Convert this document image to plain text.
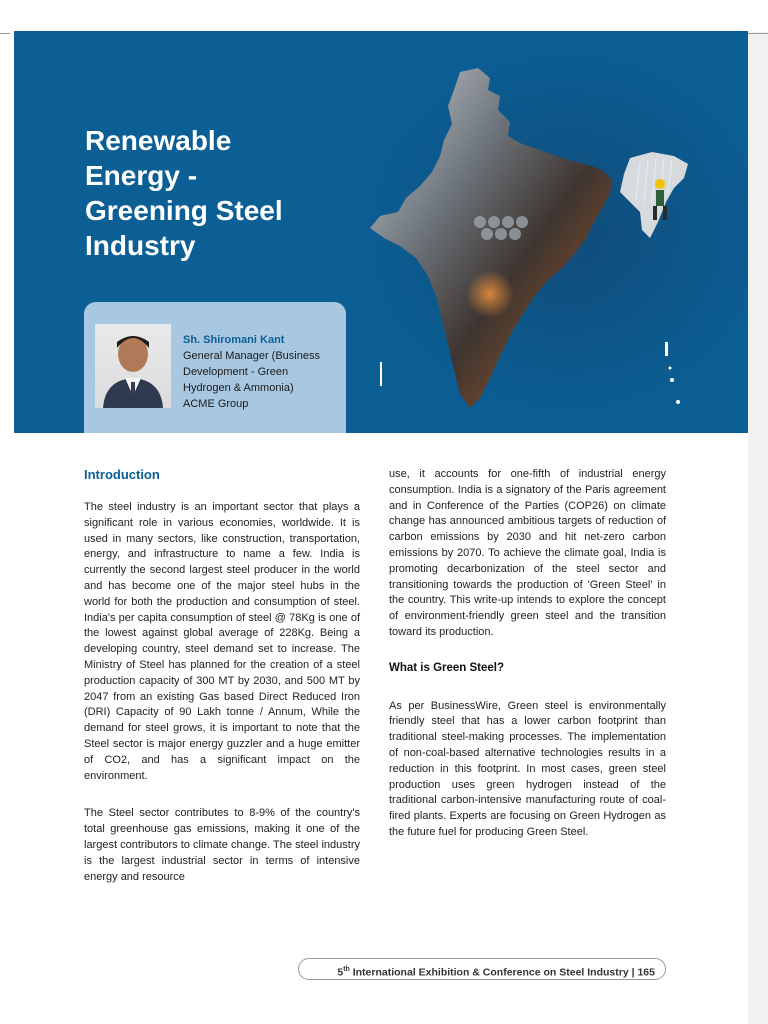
Renewable
Energy -
Greening Steel
Industry
Sh. Shiromani Kant
General Manager (Business
Development - Green
Hydrogen & Ammonia)
ACME Group
Introduction

The steel industry is an important sector that plays a significant role in various economies, worldwide. It is used in many sectors, like construction, transportation, energy, and infrastructure to name a few. India is currently the second largest steel producer in the world and has become one of the major steel hubs in the world for both the production and consumption of steel. India's per capita consumption of steel @ 78Kg is one of the lowest against global average of 228Kg. Being a developing country, steel demand set to increase. The Ministry of Steel has planned for the creation of a steel production capacity of 300 MT by 2030, and 500 MT by 2047 from an existing Gas based Direct Reduced Iron (DRI) Capacity of 90 Lakh tonne / Annum, While the demand for steel grows, it is important to note that the Steel sector is major energy guzzler and a huge emitter of CO2, and has a significant impact on the environment.

The Steel sector contributes to 8-9% of the country's total greenhouse gas emissions, making it one of the largest contributors to climate change. The steel industry is the largest industrial sector in terms of intensive energy and resource

use, it accounts for one-fifth of industrial energy consumption. India is a signatory of the Paris agreement and in Conference of the Parties (COP26) on climate change has announced ambitious targets of reduction of carbon emissions by 2030 and hit net-zero carbon emissions by 2070. To achieve the climate goal, India is promoting decarbonization of the steel sector and transitioning towards the production of 'Green Steel' in the country. This write-up intends to explore the concept of environment-friendly green steel and the transition toward its production.

What is Green Steel?

As per BusinessWire, Green steel is environmentally friendly steel that has a lower carbon footprint than traditional steel-making processes. The implementation of non-coal-based alternative technologies results in a reduction in this footprint. In most cases, green steel production uses green hydrogen instead of the traditional carbon-intensive manufacturing route of coal-fired plants. Experts are focusing on Green Hydrogen as the future fuel for producing Green Steel.

5th International Exhibition & Conference on Steel Industry | 165
